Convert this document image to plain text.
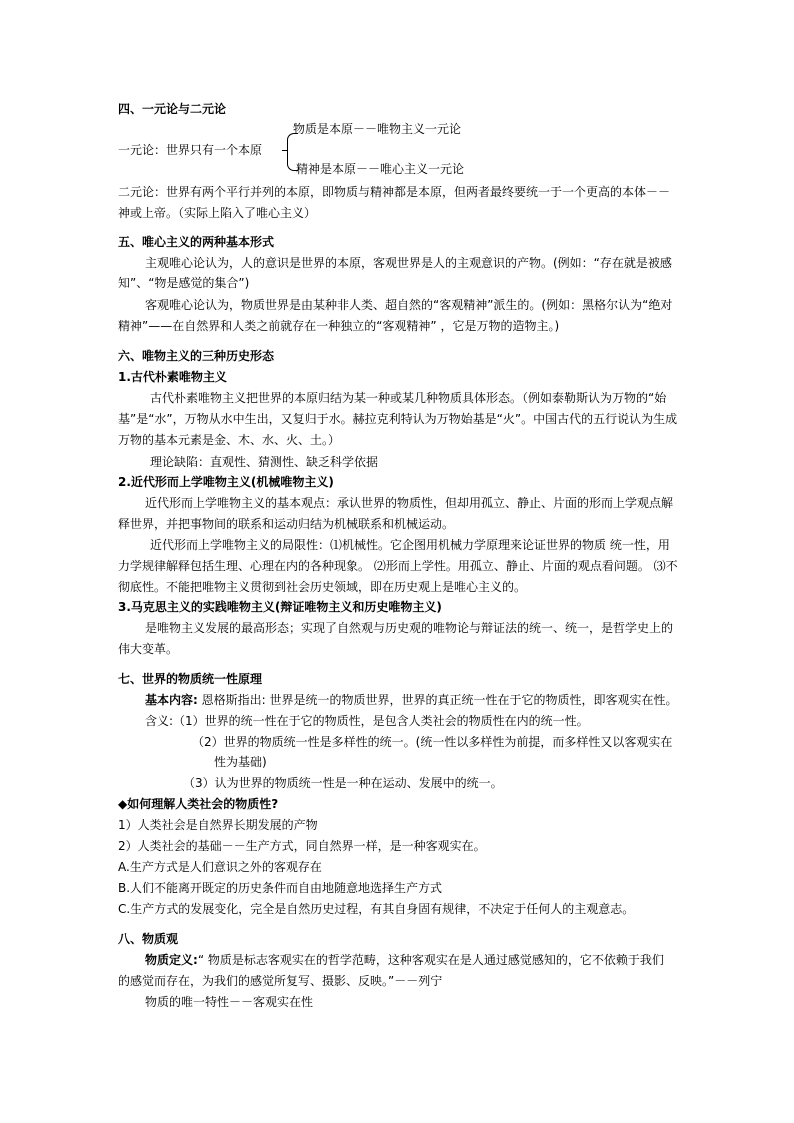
四、一元论与二元论
物质是本原－－唯物主义一元论
一元论：世界只有一个本原
精神是本原－－唯心主义一元论
二元论：世界有两个平行并列的本原，即物质与精神都是本原，但两者最终要统一于一个更高的本体－－
神或上帝。（实际上陷入了唯心主义）
五、唯心主义的两种基本形式
主观唯心论认为，人的意识是世界的本原，客观世界是人的主观意识的产物。(例如：“存在就是被感
知”、“物是感觉的集合”)
客观唯心论认为，物质世界是由某种非人类、超自然的“客观精神”派生的。(例如：黑格尔认为“绝对
精神”——在自然界和人类之前就存在一种独立的“客观精神” ，它是万物的造物主。)
六、唯物主义的三种历史形态
1.古代朴素唯物主义
古代朴素唯物主义把世界的本原归结为某一种或某几种物质具体形态。（例如泰勒斯认为万物的“始
基”是“水”，万物从水中生出，又复归于水。赫拉克利特认为万物始基是“火”。中国古代的五行说认为生成
万物的基本元素是金、木、水、火、土。）
理论缺陷：直观性、猜测性、缺乏科学依据
2.近代形而上学唯物主义(机械唯物主义)
近代形而上学唯物主义的基本观点：承认世界的物质性，但却用孤立、静止、片面的形而上学观点解
释世界，并把事物间的联系和运动归结为机械联系和机械运动。
近代形而上学唯物主义的局限性：⑴机械性。它企图用机械力学原理来论证世界的物质 统一性，用
力学规律解释包括生理、心理在内的各种现象。 ⑵形而上学性。用孤立、静止、片面的观点看问题。 ⑶不
彻底性。不能把唯物主义贯彻到社会历史领域，即在历史观上是唯心主义的。
3.马克思主义的实践唯物主义(辩证唯物主义和历史唯物主义)
是唯物主义发展的最高形态；实现了自然观与历史观的唯物论与辩证法的统一、统一，是哲学史上的
伟大变革。
七、世界的物质统一性原理
基本内容: 恩格斯指出: 世界是统一的物质世界，世界的真正统一性在于它的物质性，即客观实在性。
含义:（1）世界的统一性在于它的物质性，是包含人类社会的物质性在内的统一性。
（2）世界的物质统一性是多样性的统一。(统一性以多样性为前提，而多样性又以客观实在
性为基础)
（3）认为世界的物质统一性是一种在运动、发展中的统一。
◆如何理解人类社会的物质性?
1）人类社会是自然界长期发展的产物
2）人类社会的基础－－生产方式，同自然界一样，是一种客观实在。
A.生产方式是人们意识之外的客观存在
B.人们不能离开既定的历史条件而自由地随意地选择生产方式
C.生产方式的发展变化，完全是自然历史过程，有其自身固有规律，不决定于任何人的主观意志。
八、物质观
物质定义:“ 物质是标志客观实在的哲学范畴，这种客观实在是人通过感觉感知的，它不依赖于我们
的感觉而存在，为我们的感觉所复写、摄影、反映。”－－列宁
物质的唯一特性－－客观实在性
